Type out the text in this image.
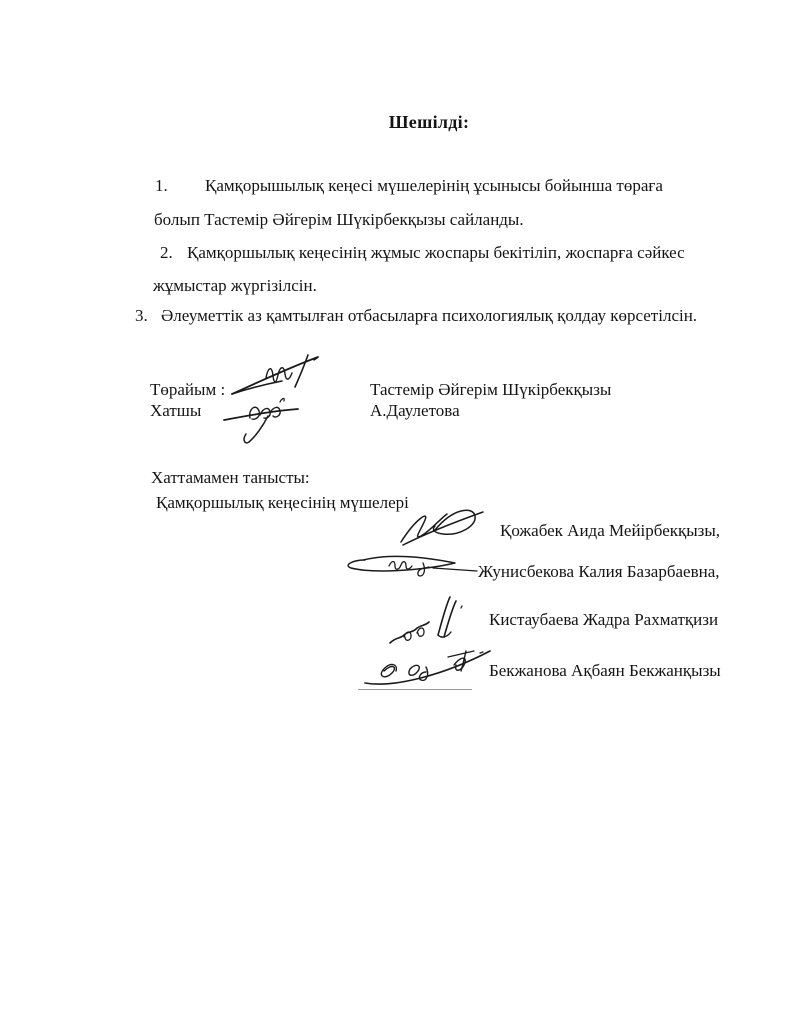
Шешілді:
1. Қамқорышылық кеңесі мүшелерінің ұсынысы бойынша төраға
болып Тастемір Әйгерім Шүкірбекқызы сайланды.
2. Қамқоршылық кеңесінің жұмыс жоспары бекітіліп, жоспарға сәйкес
жұмыстар жүргізілсін.
3. Әлеуметтік аз қамтылған отбасыларға психологиялық қолдау көрсетілсін.
Төрайым :	Тастемір Әйгерім Шүкірбекқызы
Хатшы	А.Даулетова
Хаттамамен танысты:
Қамқоршылық кеңесінің мүшелері
Қожабек Аида Мейірбекқызы,
Жунисбекова Калия Базарбаевна,
Кистаубаева Жадра Рахматқизи
Бекжанова Ақбаян Бекжанқызы
